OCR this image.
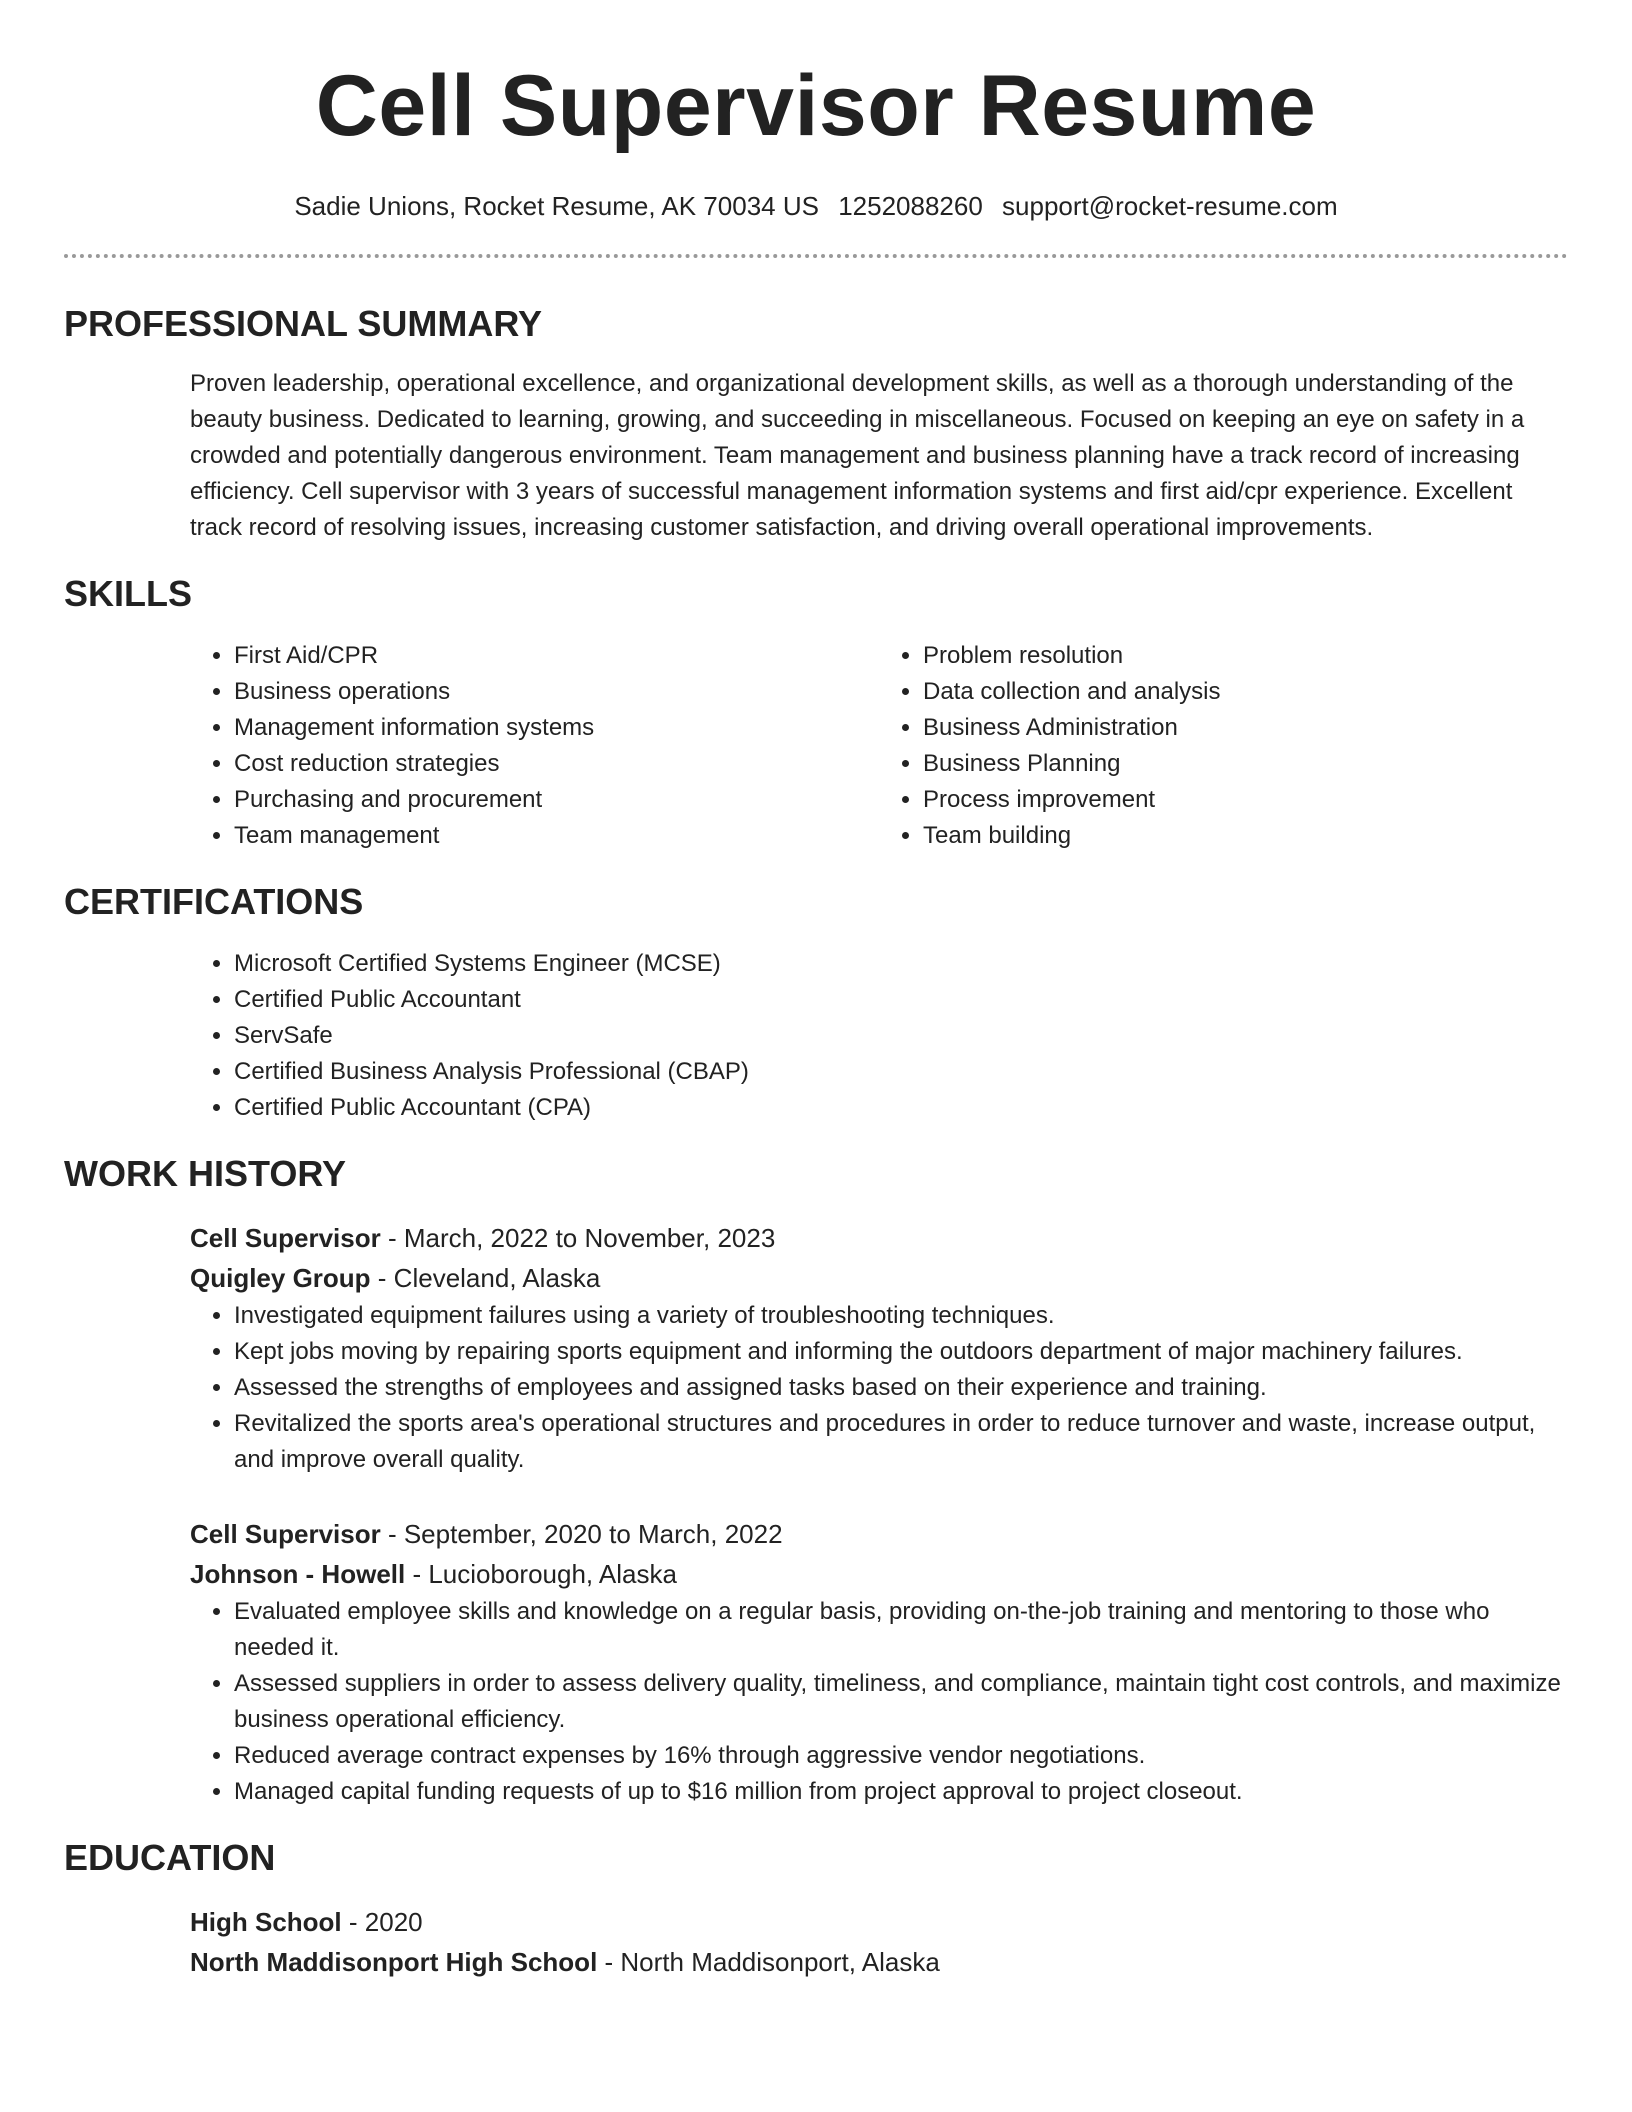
Cell Supervisor Resume
Sadie Unions, Rocket Resume, AK 70034 US 1252088260 support@rocket-resume.com
PROFESSIONAL SUMMARY

Proven leadership, operational excellence, and organizational development skills, as well as a thorough understanding of the beauty business. Dedicated to learning, growing, and succeeding in miscellaneous. Focused on keeping an eye on safety in a crowded and potentially dangerous environment. Team management and business planning have a track record of increasing efficiency. Cell supervisor with 3 years of successful management information systems and first aid/cpr experience. Excellent track record of resolving issues, increasing customer satisfaction, and driving overall operational improvements.

SKILLS
• First Aid/CPR
• Business operations
• Management information systems
• Cost reduction strategies
• Purchasing and procurement
• Team management
• Problem resolution
• Data collection and analysis
• Business Administration
• Business Planning
• Process improvement
• Team building
CERTIFICATIONS
• Microsoft Certified Systems Engineer (MCSE)
• Certified Public Accountant
• ServSafe
• Certified Business Analysis Professional (CBAP)
• Certified Public Accountant (CPA)
WORK HISTORY
Cell Supervisor - March, 2022 to November, 2023
Quigley Group - Cleveland, Alaska
• Investigated equipment failures using a variety of troubleshooting techniques.
• Kept jobs moving by repairing sports equipment and informing the outdoors department of major machinery failures.
• Assessed the strengths of employees and assigned tasks based on their experience and training.
• Revitalized the sports area's operational structures and procedures in order to reduce turnover and waste, increase output, and improve overall quality.
Cell Supervisor - September, 2020 to March, 2022
Johnson - Howell - Lucioborough, Alaska
• Evaluated employee skills and knowledge on a regular basis, providing on-the-job training and mentoring to those who needed it.
• Assessed suppliers in order to assess delivery quality, timeliness, and compliance, maintain tight cost controls, and maximize business operational efficiency.
• Reduced average contract expenses by 16% through aggressive vendor negotiations.
• Managed capital funding requests of up to $16 million from project approval to project closeout.
EDUCATION
High School - 2020
North Maddisonport High School - North Maddisonport, Alaska
